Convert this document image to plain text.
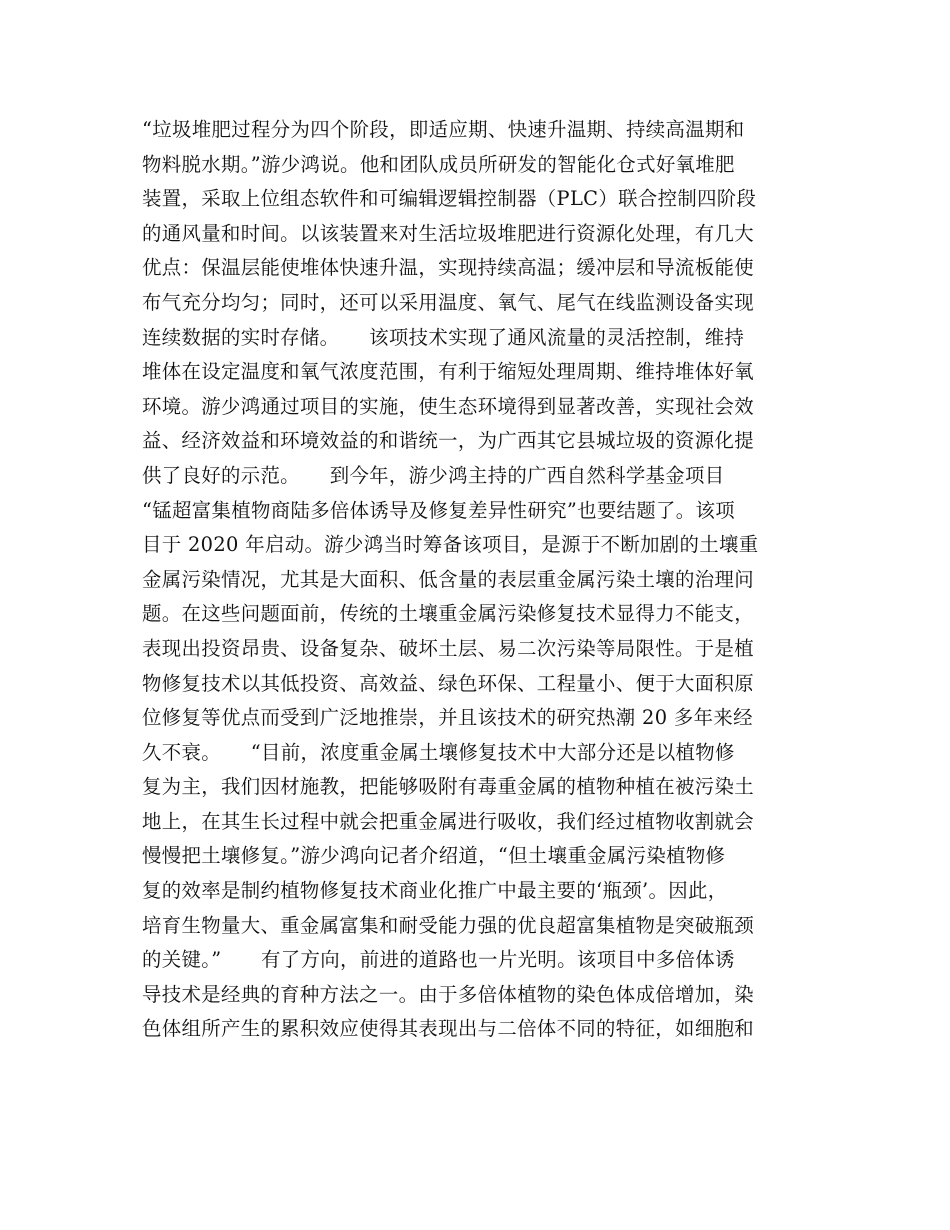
“垃圾堆肥过程分为四个阶段，即适应期、快速升温期、持续高温期和
物料脱水期。”游少鸿说。他和团队成员所研发的智能化仓式好氧堆肥
装置，采取上位组态软件和可编辑逻辑控制器（PLC）联合控制四阶段
的通风量和时间。以该装置来对生活垃圾堆肥进行资源化处理，有几大
优点：保温层能使堆体快速升温，实现持续高温；缓冲层和导流板能使
布气充分均匀；同时，还可以采用温度、氧气、尾气在线监测设备实现
连续数据的实时存储。　　该项技术实现了通风流量的灵活控制，维持
堆体在设定温度和氧气浓度范围，有利于缩短处理周期、维持堆体好氧
环境。游少鸿通过项目的实施，使生态环境得到显著改善，实现社会效
益、经济效益和环境效益的和谐统一，为广西其它县城垃圾的资源化提
供了良好的示范。　　到今年，游少鸿主持的广西自然科学基金项目
“锰超富集植物商陆多倍体诱导及修复差异性研究”也要结题了。该项
目于 2020 年启动。游少鸿当时筹备该项目，是源于不断加剧的土壤重
金属污染情况，尤其是大面积、低含量的表层重金属污染土壤的治理问
题。在这些问题面前，传统的土壤重金属污染修复技术显得力不能支，
表现出投资昂贵、设备复杂、破坏土层、易二次污染等局限性。于是植
物修复技术以其低投资、高效益、绿色环保、工程量小、便于大面积原
位修复等优点而受到广泛地推崇，并且该技术的研究热潮 20 多年来经
久不衰。　　“目前，浓度重金属土壤修复技术中大部分还是以植物修
复为主，我们因材施教，把能够吸附有毒重金属的植物种植在被污染土
地上，在其生长过程中就会把重金属进行吸收，我们经过植物收割就会
慢慢把土壤修复。”游少鸿向记者介绍道，“但土壤重金属污染植物修
复的效率是制约植物修复技术商业化推广中最主要的‘瓶颈’。因此，
培育生物量大、重金属富集和耐受能力强的优良超富集植物是突破瓶颈
的关键。”　　有了方向，前进的道路也一片光明。该项目中多倍体诱
导技术是经典的育种方法之一。由于多倍体植物的染色体成倍增加，染
色体组所产生的累积效应使得其表现出与二倍体不同的特征，如细胞和
